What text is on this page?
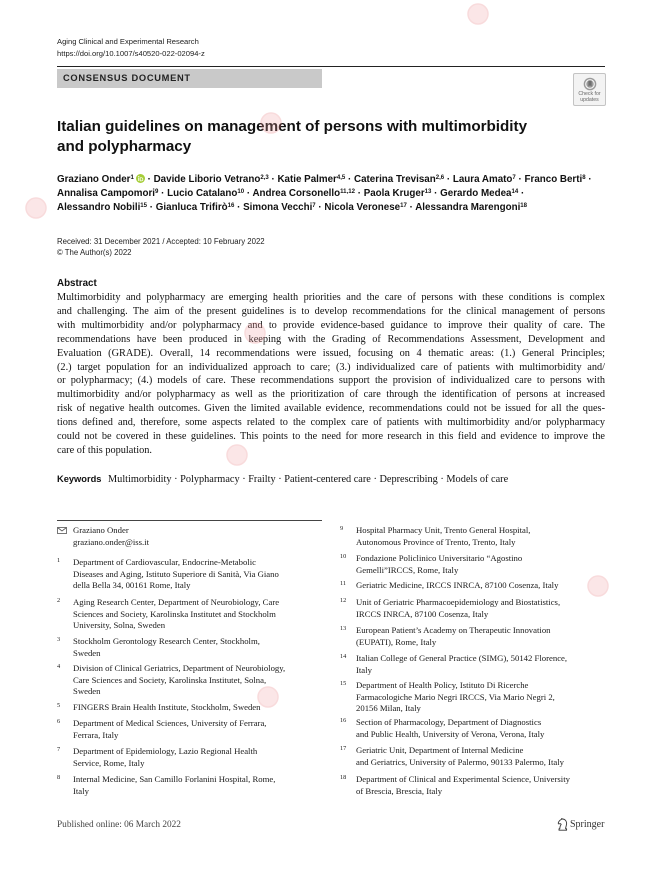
Aging Clinical and Experimental Research
https://doi.org/10.1007/s40520-022-02094-z
CONSENSUS DOCUMENT
Check for
updates
Italian guidelines on management of persons with multimorbidity
and polypharmacy
Graziano Onder$^1$ · Davide Liborio Vetrano$^{2,3}$ · Katie Palmer$^{4,5}$ · Caterina Trevisan$^{2,6}$ · Laura Amato$^7$ · Franco Berti$^8$ ·
Annalisa Campomori$^9$ · Lucio Catalano$^{10}$ · Andrea Corsonello$^{11,12}$ · Paola Kruger$^{13}$ · Gerardo Medea$^{14}$ ·
Alessandro Nobili$^{15}$ · Gianluca Trifirò$^{16}$ · Simona Vecchi$^7$ · Nicola Veronese$^{17}$ · Alessandra Marengoni$^{18}$
Received: 31 December 2021 / Accepted: 10 February 2022
© The Author(s) 2022
Abstract
Multimorbidity and polypharmacy are emerging health priorities and the care of persons with these conditions is complex
and challenging. The aim of the present guidelines is to develop recommendations for the clinical management of persons
with multimorbidity and/or polypharmacy and to provide evidence-based guidance to improve their quality of care. The
recommendations have been produced in keeping with the Grading of Recommendations Assessment, Development and
Evaluation (GRADE). Overall, 14 recommendations were issued, focusing on 4 thematic areas: (1.) General Principles;
(2.) target population for an individualized approach to care; (3.) individualized care of patients with multimorbidity and/
or polypharmacy; (4.) models of care. These recommendations support the provision of individualized care to persons with
multimorbidity and/or polypharmacy as well as the prioritization of care through the identification of persons at increased
risk of negative health outcomes. Given the limited available evidence, recommendations could not be issued for all the ques-
tions defined and, therefore, some aspects related to the complex care of patients with multimorbidity and/or polypharmacy
could not be covered in these guidelines. This points to the need for more research in this field and evidence to improve the
care of this population.
Keywords Multimorbidity · Polypharmacy · Frailty · Patient-centered care · Deprescribing · Models of care
Graziano Onder
graziano.onder@iss.it
1 Department of Cardiovascular, Endocrine-Metabolic
Diseases and Aging, Istituto Superiore di Sanità, Via Giano
della Bella 34, 00161 Rome, Italy
2 Aging Research Center, Department of Neurobiology, Care
Sciences and Society, Karolinska Institutet and Stockholm
University, Solna, Sweden
3 Stockholm Gerontology Research Center, Stockholm,
Sweden
4 Division of Clinical Geriatrics, Department of Neurobiology,
Care Sciences and Society, Karolinska Institutet, Solna,
Sweden
5 FINGERS Brain Health Institute, Stockholm, Sweden
6 Department of Medical Sciences, University of Ferrara,
Ferrara, Italy
7 Department of Epidemiology, Lazio Regional Health
Service, Rome, Italy
8 Internal Medicine, San Camillo Forlanini Hospital, Rome,
Italy
9 Hospital Pharmacy Unit, Trento General Hospital,
Autonomous Province of Trento, Trento, Italy
10 Fondazione Policlinico Universitario “Agostino
Gemelli”IRCCS, Rome, Italy
11 Geriatric Medicine, IRCCS INRCA, 87100 Cosenza, Italy
12 Unit of Geriatric Pharmacoepidemiology and Biostatistics,
IRCCS INRCA, 87100 Cosenza, Italy
13 European Patient’s Academy on Therapeutic Innovation
(EUPATI), Rome, Italy
14 Italian College of General Practice (SIMG), 50142 Florence,
Italy
15 Department of Health Policy, Istituto Di Ricerche
Farmacologiche Mario Negri IRCCS, Via Mario Negri 2,
20156 Milan, Italy
16 Section of Pharmacology, Department of Diagnostics
and Public Health, University of Verona, Verona, Italy
17 Geriatric Unit, Department of Internal Medicine
and Geriatrics, University of Palermo, 90133 Palermo, Italy
18 Department of Clinical and Experimental Science, University
of Brescia, Brescia, Italy
Published online: 06 March 2022	Springer
